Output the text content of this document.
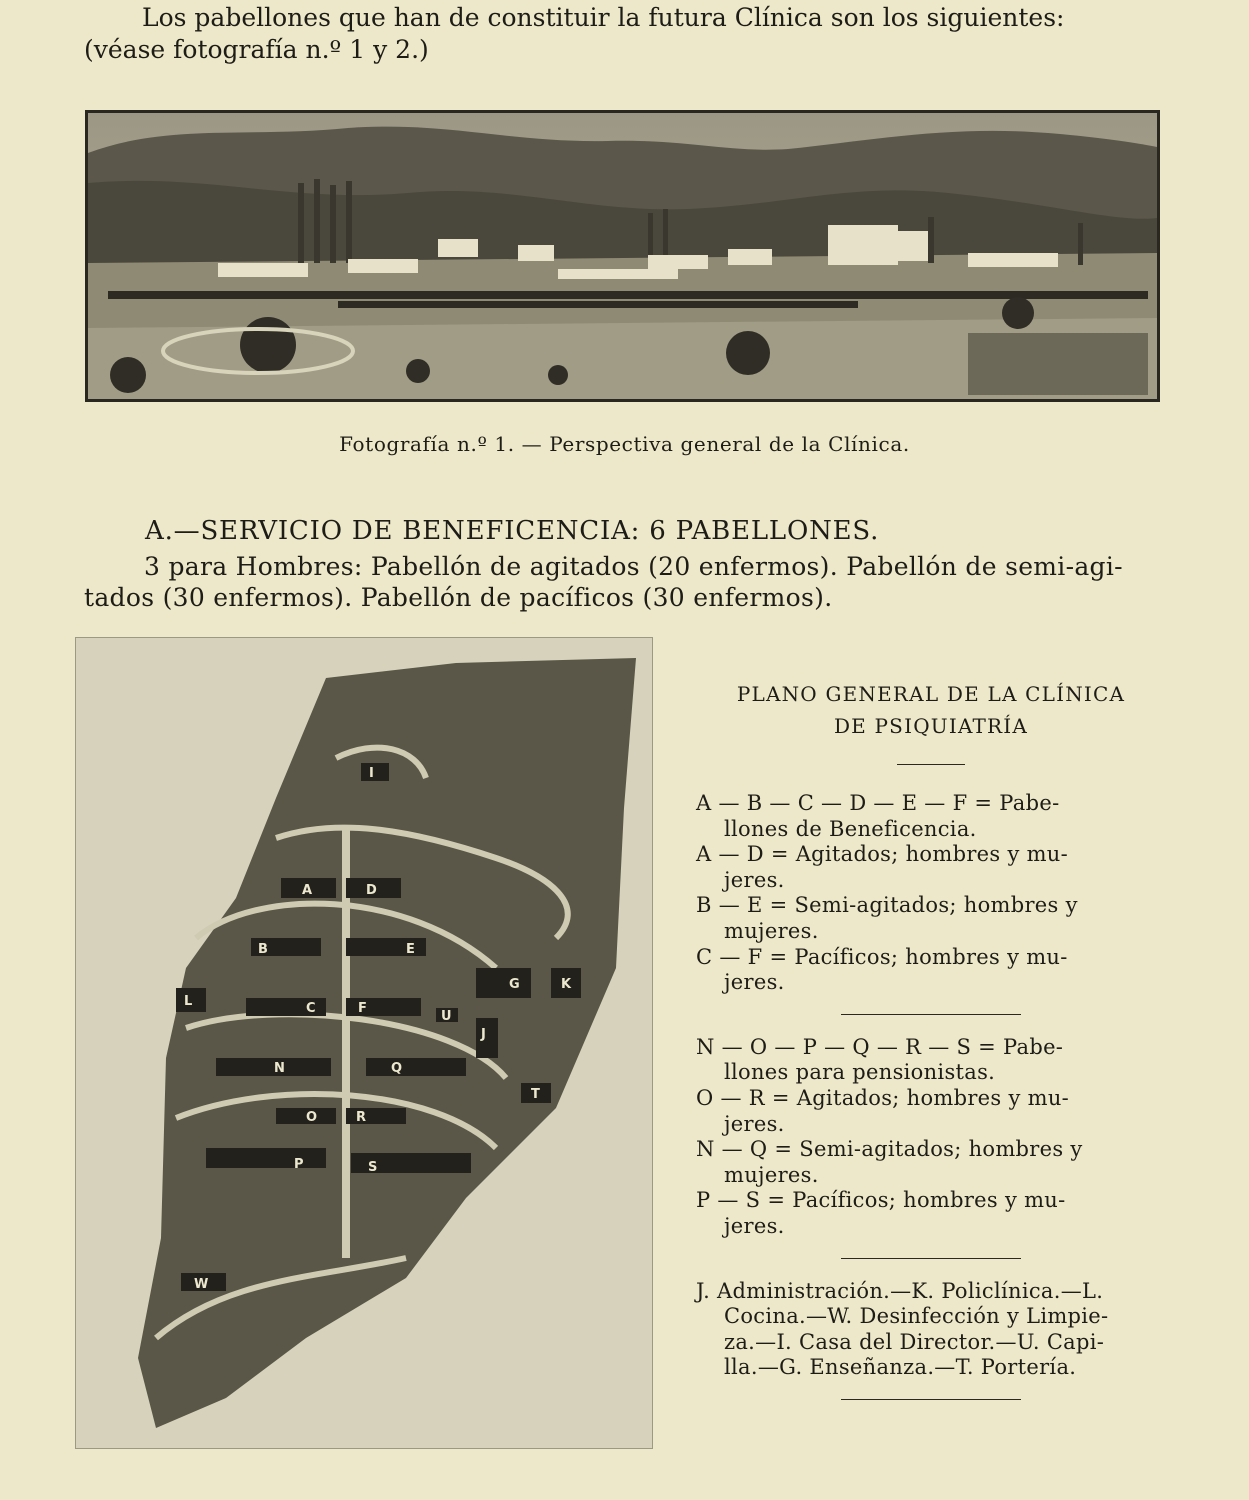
Los pabellones que han de constituir la futura Clínica son los siguientes:
(véase fotografía n.º 1 y 2.)
Fotografía n.º 1. — Perspectiva general de la Clínica.
A.—SERVICIO DE BENEFICENCIA: 6 PABELLONES.
3 para Hombres: Pabellón de agitados (20 enfermos). Pabellón de semi-agi-
tados (30 enfermos). Pabellón de pacíficos (30 enfermos).
I
A	D
B	E
G	K
L	C	F
U
J
N	Q
T
O	R
P	S
W
PLANO GENERAL DE LA CLÍNICA
DE PSIQUIATRÍA
A — B — C — D — E — F = Pabe-
llones de Beneficencia.
A — D = Agitados; hombres y mu-
jeres.
B — E = Semi-agitados; hombres y
mujeres.
C — F = Pacíficos; hombres y mu-
jeres.
N — O — P — Q — R — S = Pabe-
llones para pensionistas.
O — R = Agitados; hombres y mu-
jeres.
N — Q = Semi-agitados; hombres y
mujeres.
P — S = Pacíficos; hombres y mu-
jeres.
J. Administración.—K. Policlínica.—L.
Cocina.—W. Desinfección y Limpie-
za.—I. Casa del Director.—U. Capi-
lla.—G. Enseñanza.—T. Portería.
